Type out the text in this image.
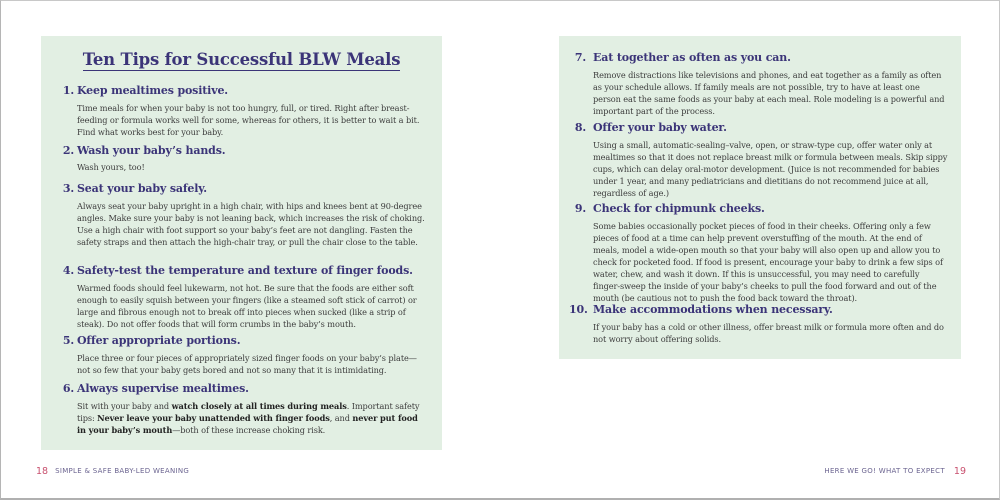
Ten Tips for Successful BLW Meals
1. Keep mealtimes positive.
Time meals for when your baby is not too hungry, full, or tired. Right after breast-feeding or formula works well for some, whereas for others, it is better to wait a bit. Find what works best for your baby.
2. Wash your baby’s hands.
Wash yours, too!
3. Seat your baby safely.
Always seat your baby upright in a high chair, with hips and knees bent at 90-degree angles. Make sure your baby is not leaning back, which increases the risk of choking. Use a high chair with foot support so your baby’s feet are not dangling. Fasten the safety straps and then attach the high-chair tray, or pull the chair close to the table.
4. Safety-test the temperature and texture of finger foods.
Warmed foods should feel lukewarm, not hot. Be sure that the foods are either soft enough to easily squish between your fingers (like a steamed soft stick of carrot) or large and fibrous enough not to break off into pieces when sucked (like a strip of steak). Do not offer foods that will form crumbs in the baby’s mouth.
5. Offer appropriate portions.
Place three or four pieces of appropriately sized finger foods on your baby’s plate—not so few that your baby gets bored and not so many that it is intimidating.
6. Always supervise mealtimes.
Sit with your baby and watch closely at all times during meals. Important safety tips: Never leave your baby unattended with finger foods, and never put food in your baby’s mouth—both of these increase choking risk.
18 SIMPLE & SAFE BABY-LED WEANING
7. Eat together as often as you can.
Remove distractions like televisions and phones, and eat together as a family as often as your schedule allows. If family meals are not possible, try to have at least one person eat the same foods as your baby at each meal. Role modeling is a powerful and important part of the process.
8. Offer your baby water.
Using a small, automatic-sealing–valve, open, or straw-type cup, offer water only at mealtimes so that it does not replace breast milk or formula between meals. Skip sippy cups, which can delay oral-motor development. (Juice is not recommended for babies under 1 year, and many pediatricians and dietitians do not recommend juice at all, regardless of age.)
9. Check for chipmunk cheeks.
Some babies occasionally pocket pieces of food in their cheeks. Offering only a few pieces of food at a time can help prevent overstuffing of the mouth. At the end of meals, model a wide-open mouth so that your baby will also open up and allow you to check for pocketed food. If food is present, encourage your baby to drink a few sips of water, chew, and wash it down. If this is unsuccessful, you may need to carefully finger-sweep the inside of your baby’s cheeks to pull the food forward and out of the mouth (be cautious not to push the food back toward the throat).
10. Make accommodations when necessary.
If your baby has a cold or other illness, offer breast milk or formula more often and do not worry about offering solids.
HERE WE GO! WHAT TO EXPECT 19
